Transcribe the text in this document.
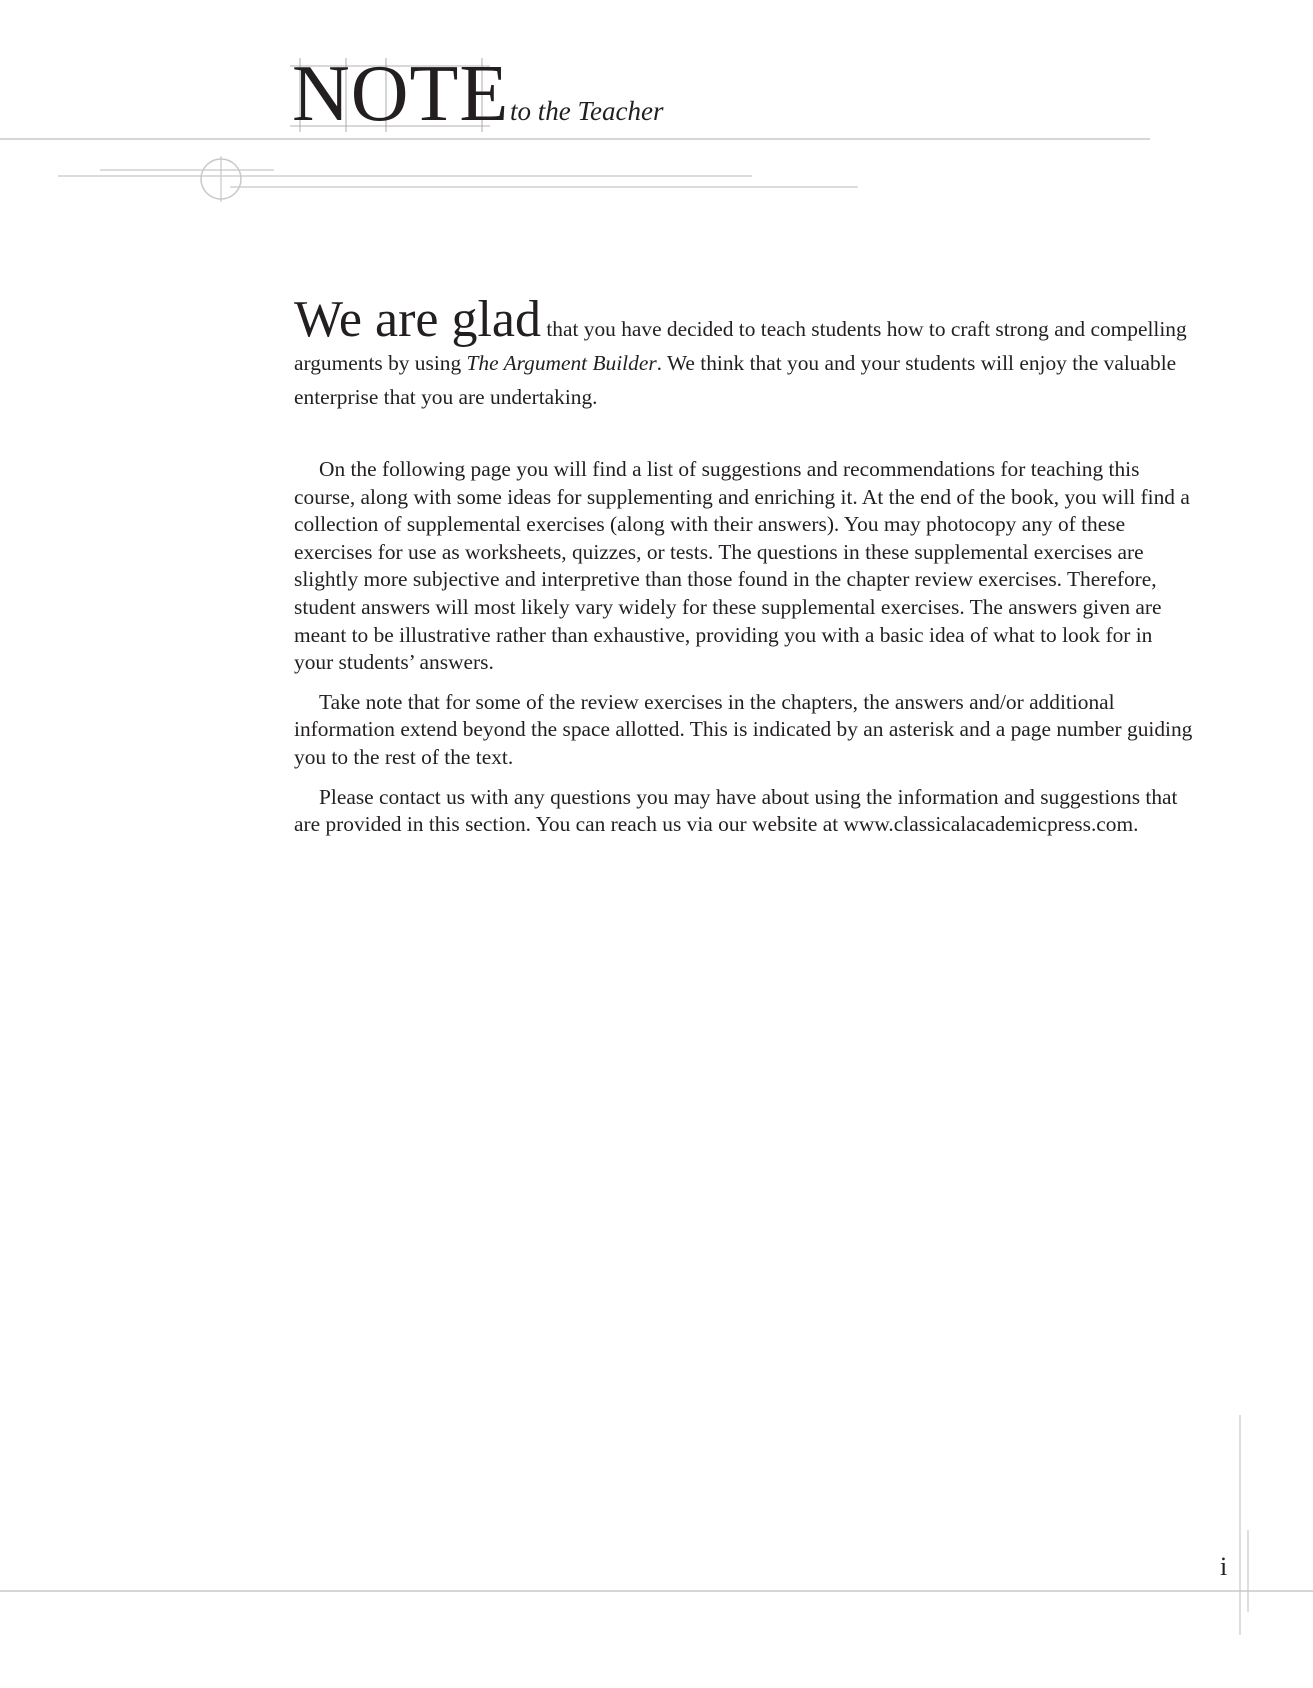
NOTE to the Teacher

We are glad that you have decided to teach students how to craft strong and compelling arguments by using The Argument Builder. We think that you and your students will enjoy the valuable enterprise that you are undertaking.

On the following page you will find a list of suggestions and recommendations for teaching this course, along with some ideas for supplementing and enriching it. At the end of the book, you will find a collection of supplemental exercises (along with their answers). You may photocopy any of these exercises for use as worksheets, quizzes, or tests. The questions in these supplemental exercises are slightly more subjective and interpretive than those found in the chapter review exercises. Therefore, student answers will most likely vary widely for these supplemental exercises. The answers given are meant to be illustrative rather than exhaustive, providing you with a basic idea of what to look for in your students’ answers.

Take note that for some of the review exercises in the chapters, the answers and/or additional information extend beyond the space allotted. This is indicated by an asterisk and a page number guiding you to the rest of the text.

Please contact us with any questions you may have about using the information and suggestions that are provided in this section. You can reach us via our website at www.classicalacademicpress.com.

i
